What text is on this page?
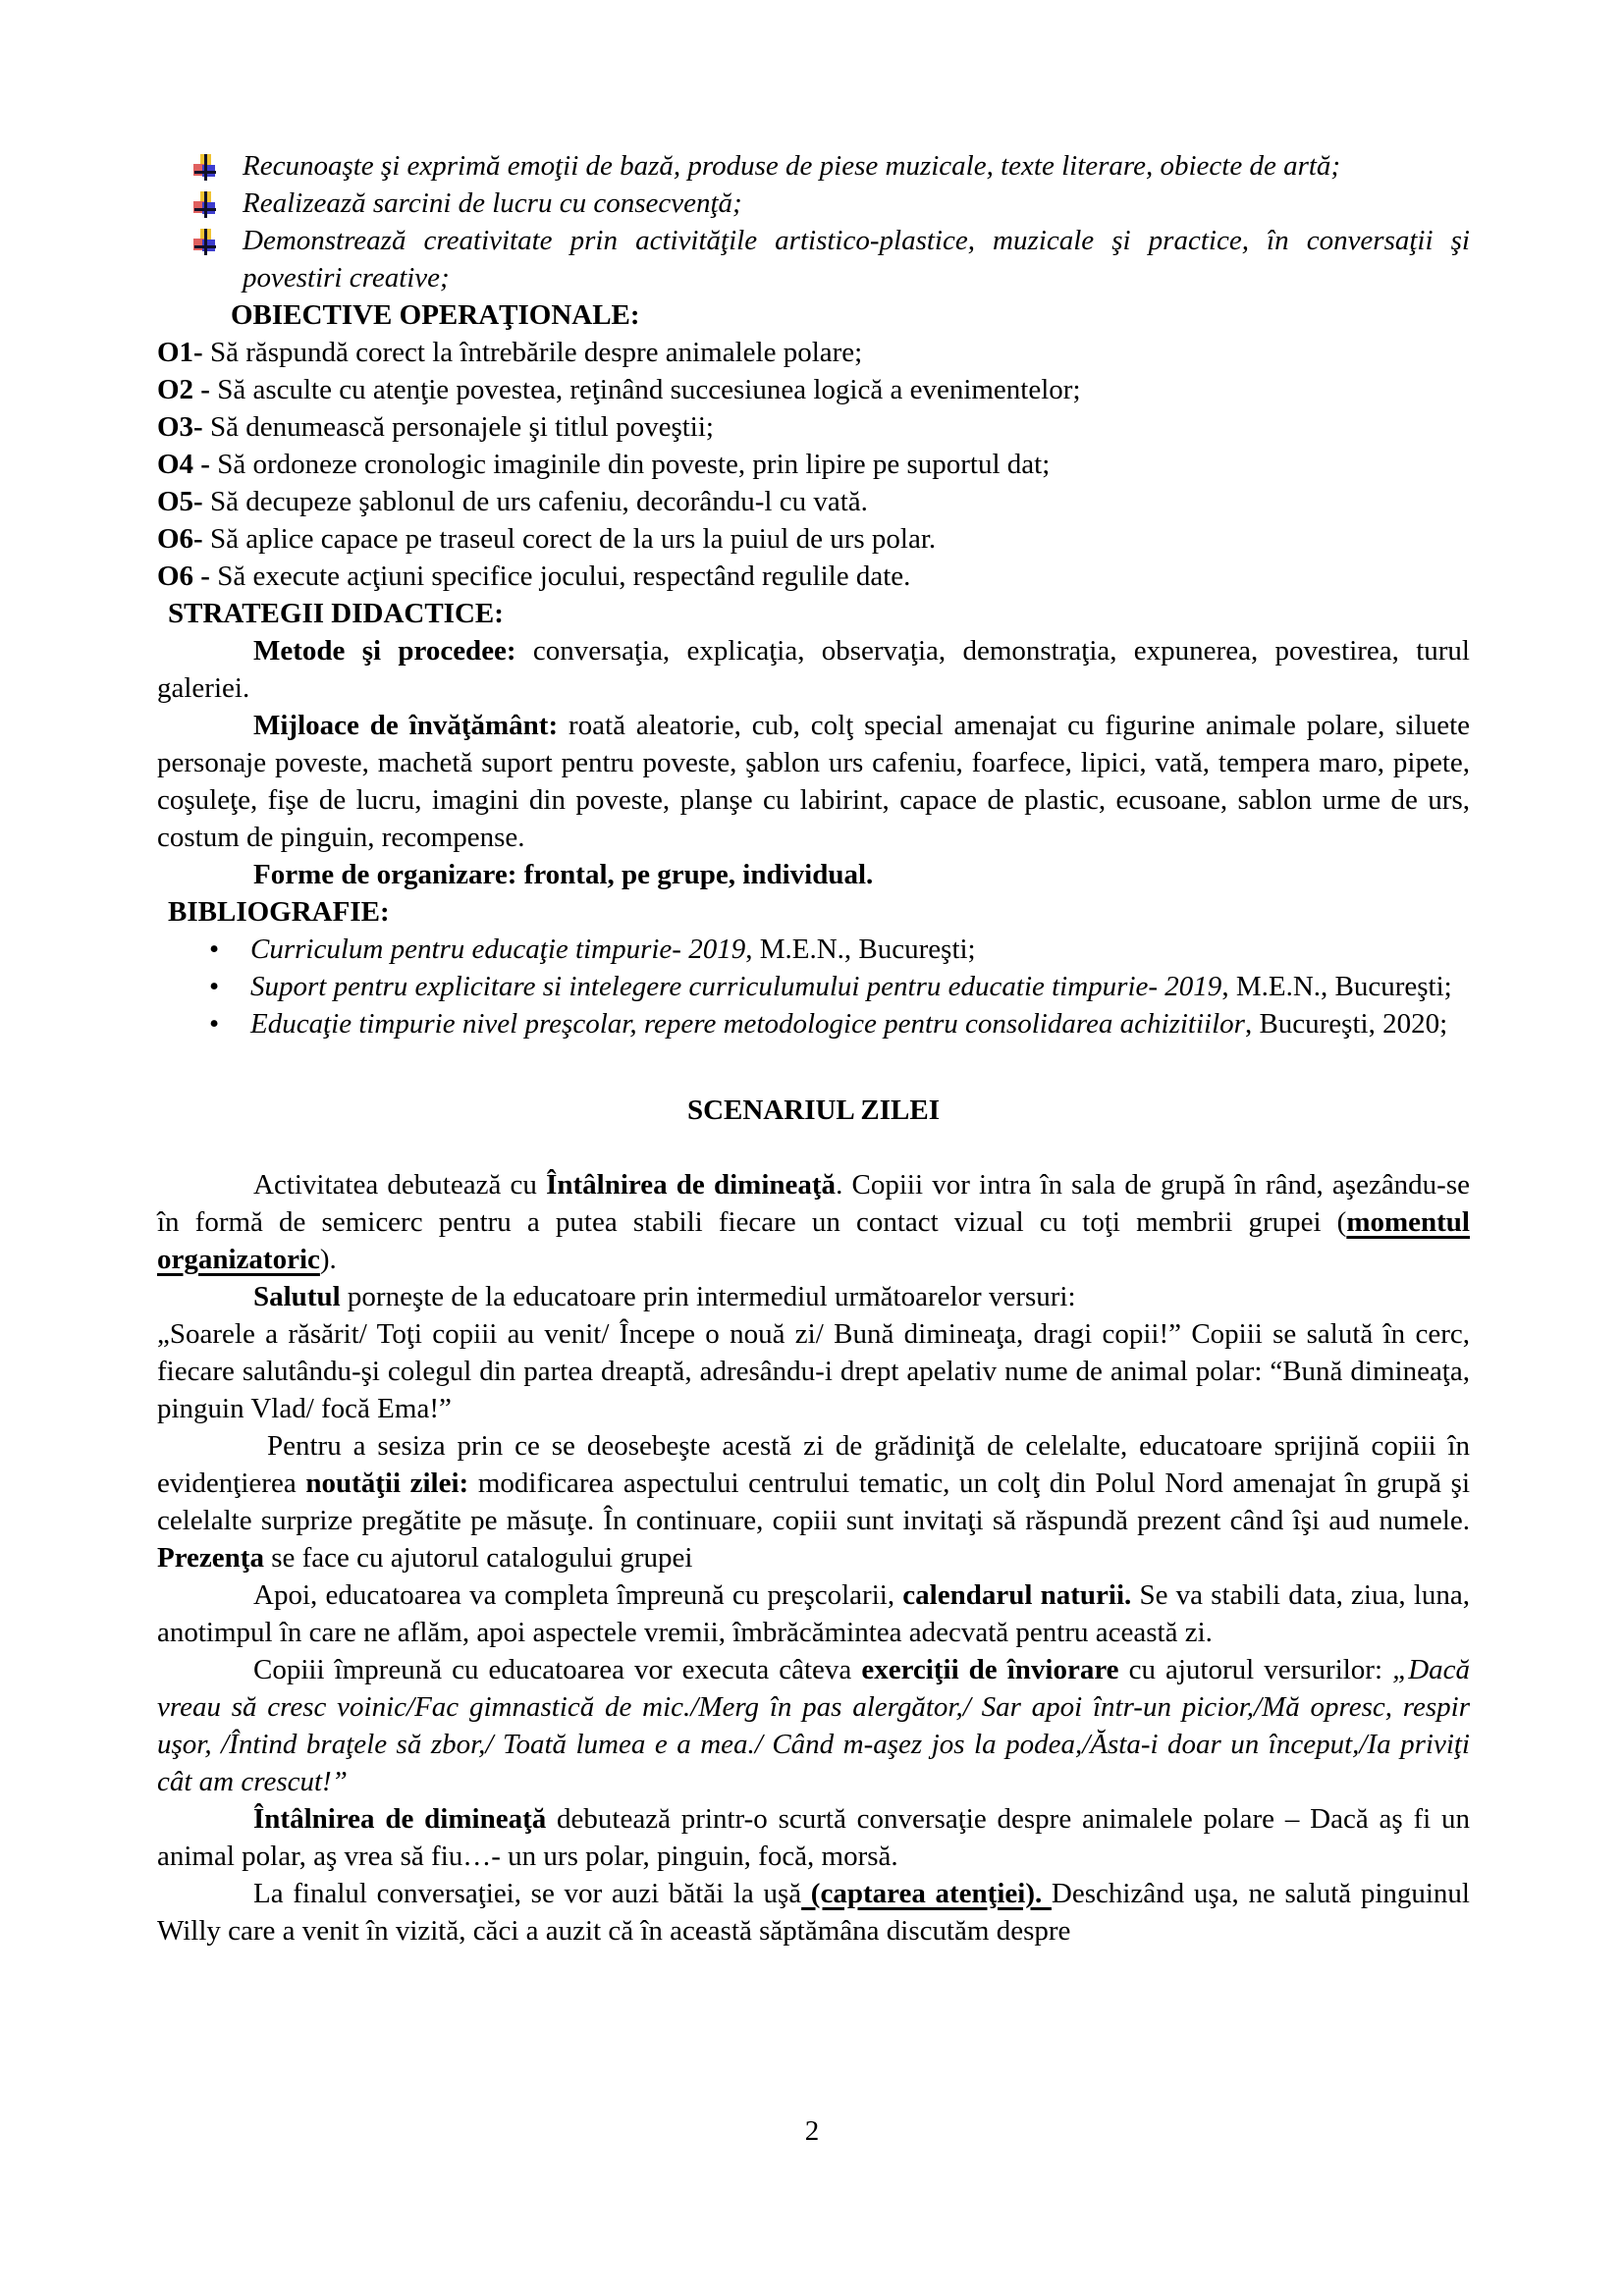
Recunoaşte şi exprimă emoţii de bază, produse de piese muzicale, texte literare, obiecte de artă;
Realizează sarcini de lucru cu consecvenţă;
Demonstrează creativitate prin activităţile artistico-plastice, muzicale şi practice, în conversaţii şi povestiri creative;
OBIECTIVE OPERAŢIONALE:
O1- Să răspundă corect la întrebările despre animalele polare;
O2 - Să asculte cu atenţie povestea, reţinând succesiunea logică a evenimentelor;
O3- Să denumească personajele şi titlul poveştii;
O4 - Să ordoneze cronologic imaginile din poveste, prin lipire pe suportul dat;
O5- Să decupeze şablonul de urs cafeniu, decorându-l cu vată.
O6- Să aplice capace pe traseul corect de la urs la puiul de urs polar.
O6 - Să execute acţiuni specifice jocului, respectând regulile date.
STRATEGII DIDACTICE:

Metode şi procedee: conversaţia, explicaţia, observaţia, demonstraţia, expunerea, povestirea, turul galeriei.

Mijloace de învăţământ: roată aleatorie, cub, colţ special amenajat cu figurine animale polare, siluete personaje poveste, machetă suport pentru poveste, şablon urs cafeniu, foarfece, lipici, vată, tempera maro, pipete, coşuleţe, fişe de lucru, imagini din poveste, planşe cu labirint, capace de plastic, ecusoane, sablon urme de urs, costum de pinguin, recompense.

Forme de organizare: frontal, pe grupe, individual.

BIBLIOGRAFIE:
• Curriculum pentru educaţie timpurie- 2019, M.E.N., Bucureşti;
• Suport pentru explicitare si intelegere curriculumului pentru educatie timpurie- 2019, M.E.N., Bucureşti;
• Educaţie timpurie nivel preşcolar, repere metodologice pentru consolidarea achizitiilor, Bucureşti, 2020;
SCENARIUL ZILEI

Activitatea debutează cu Întâlnirea de dimineaţă. Copiii vor intra în sala de grupă în rând, aşezându-se în formă de semicerc pentru a putea stabili fiecare un contact vizual cu toţi membrii grupei (momentul organizatoric).

Salutul porneşte de la educatoare prin intermediul următoarelor versuri:

„Soarele a răsărit/ Toţi copiii au venit/ Începe o nouă zi/ Bună dimineaţa, dragi copii!” Copiii se salută în cerc, fiecare salutându-şi colegul din partea dreaptă, adresându-i drept apelativ nume de animal polar: “Bună dimineaţa, pinguin Vlad/ focă Ema!”

Pentru a sesiza prin ce se deosebeşte acestă zi de grădiniţă de celelalte, educatoare sprijină copiii în evidenţierea noutăţii zilei: modificarea aspectului centrului tematic, un colţ din Polul Nord amenajat în grupă şi celelalte surprize pregătite pe măsuţe. În continuare, copiii sunt invitaţi să răspundă prezent când îşi aud numele. Prezenţa se face cu ajutorul catalogului grupei

Apoi, educatoarea va completa împreună cu preşcolarii, calendarul naturii. Se va stabili data, ziua, luna, anotimpul în care ne aflăm, apoi aspectele vremii, îmbrăcămintea adecvată pentru această zi.

Copiii împreună cu educatoarea vor executa câteva exerciţii de înviorare cu ajutorul versurilor: „Dacă vreau să cresc voinic/Fac gimnastică de mic./Merg în pas alergător,/ Sar apoi într-un picior,/Mă opresc, respir uşor, /Întind braţele să zbor,/ Toată lumea e a mea./ Când m-aşez jos la podea,/Ăsta-i doar un început,/Ia priviţi cât am crescut!”

Întâlnirea de dimineaţă debutează printr-o scurtă conversaţie despre animalele polare – Dacă aş fi un animal polar, aş vrea să fiu…- un urs polar, pinguin, focă, morsă.

La finalul conversaţiei, se vor auzi bătăi la uşă (captarea atenţiei). Deschizând uşa, ne salută pinguinul Willy care a venit în vizită, căci a auzit că în această săptămâna discutăm despre

2
